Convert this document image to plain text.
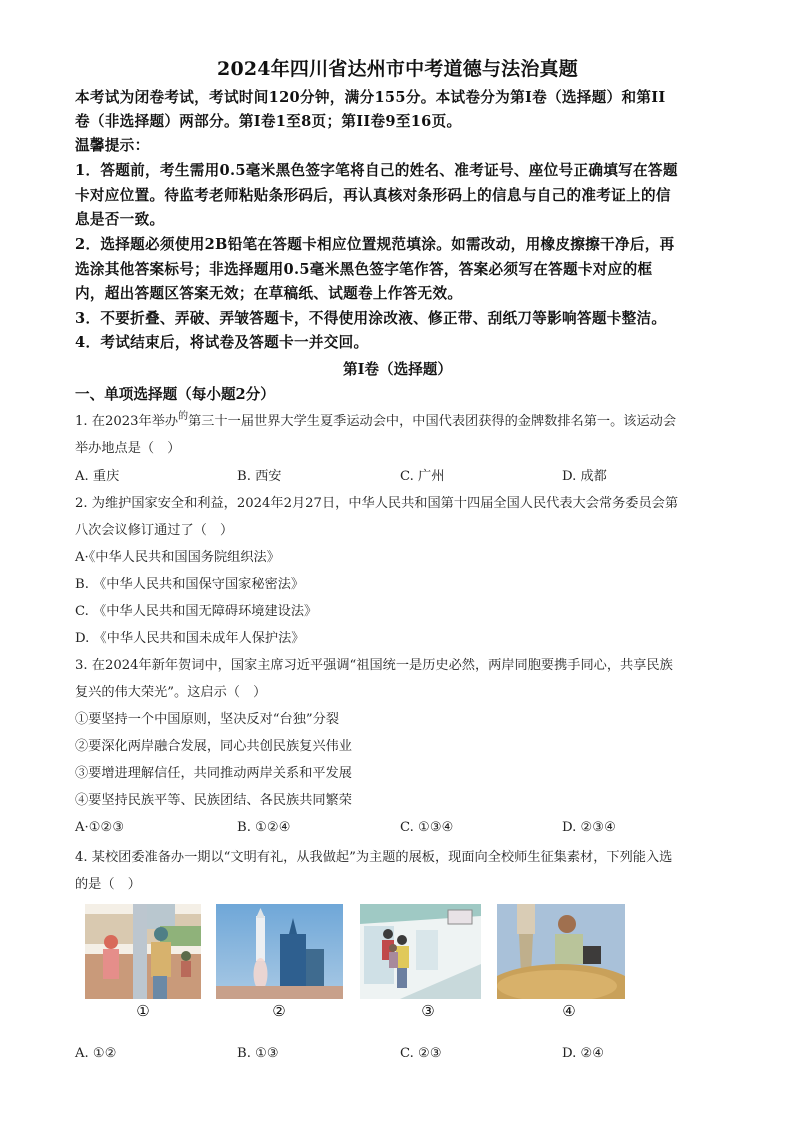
2024年四川省达州市中考道德与法治真题
本考试为闭卷考试，考试时间120分钟，满分155分。本试卷分为第I卷（选择题）和第II
卷（非选择题）两部分。第I卷1至8页；第II卷9至16页。
温馨提示：
1．答题前，考生需用0.5毫米黑色签字笔将自己的姓名、准考证号、座位号正确填写在答题
卡对应位置。待监考老师粘贴条形码后，再认真核对条形码上的信息与自己的准考证上的信
息是否一致。
2．选择题必须使用2B铅笔在答题卡相应位置规范填涂。如需改动，用橡皮擦擦干净后，再
选涂其他答案标号；非选择题用0.5毫米黑色签字笔作答，答案必须写在答题卡对应的框
内，超出答题区答案无效；在草稿纸、试题卷上作答无效。
3．不要折叠、弄破、弄皱答题卡，不得使用涂改液、修正带、刮纸刀等影响答题卡整洁。
4．考试结束后，将试卷及答题卡一并交回。
第I卷（选择题）
一、单项选择题（每小题2分）
1. 在2023年举办$^的$第三十一届世界大学生夏季运动会中，中国代表团获得的金牌数排名第一。该运动会
举办地点是（　）
A. 重庆	B. 西安	C. 广州	D. 成都
2. 为维护国家安全和利益，2024年2月27日，中华人民共和国第十四届全国人民代表大会常务委员会第
八次会议修订通过了（　）
A·《中华人民共和国国务院组织法》
B. 《中华人民共和国保守国家秘密法》
C. 《中华人民共和国无障碍环境建设法》
D. 《中华人民共和国未成年人保护法》
3. 在2024年新年贺词中，国家主席习近平强调“祖国统一是历史必然，两岸同胞要携手同心，共享民族
复兴的伟大荣光”。这启示（　）
①要坚持一个中国原则，坚决反对“台独”分裂
②要深化两岸融合发展，同心共创民族复兴伟业
③要增进理解信任，共同推动两岸关系和平发展
④要坚持民族平等、民族团结、各民族共同繁荣
A·①②③	B. ①②④	C. ①③④	D. ②③④
4. 某校团委准备办一期以“文明有礼，从我做起”为主题的展板，现面向全校师生征集素材，下列能入选
的是（　）
①	②	③	④
A. ①②	B. ①③	C. ②③	D. ②④
